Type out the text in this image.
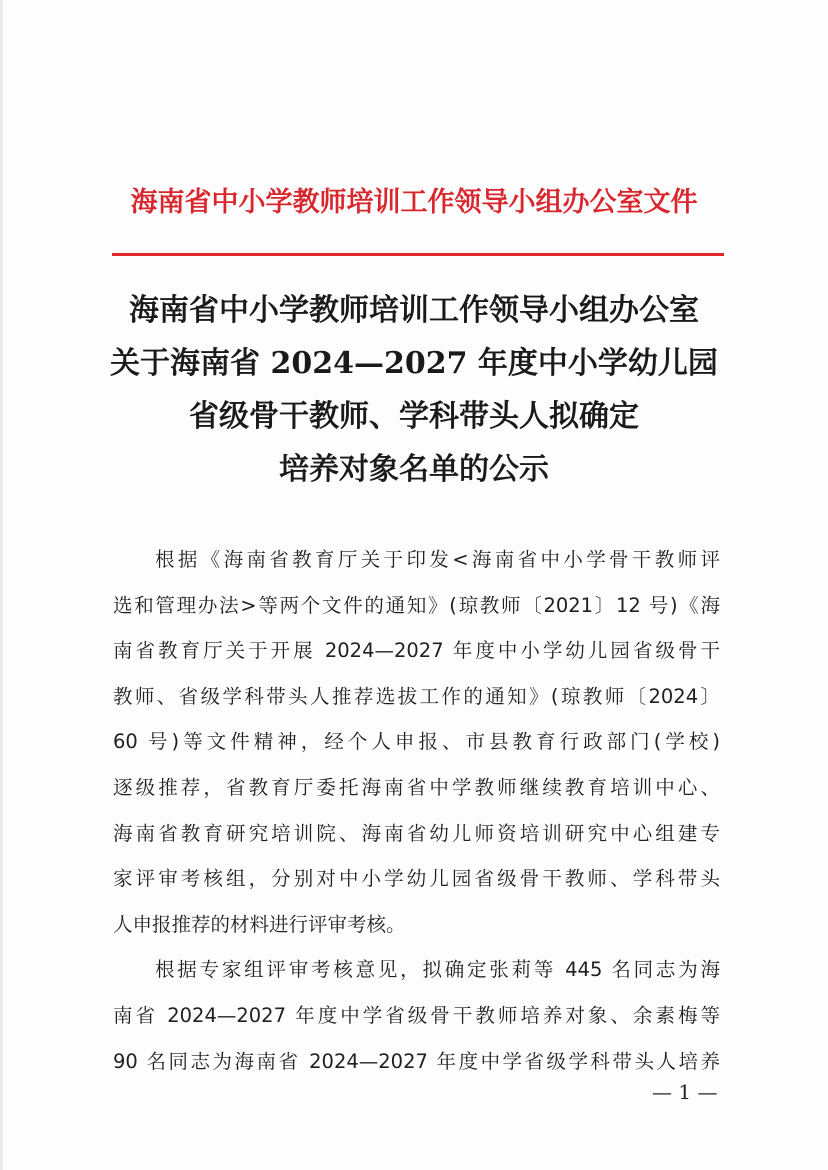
海南省中小学教师培训工作领导小组办公室文件
海南省中小学教师培训工作领导小组办公室
关于海南省 2024—2027 年度中小学幼儿园
省级骨干教师、学科带头人拟确定
培养对象名单的公示
根据《海南省教育厅关于印发<海南省中小学骨干教师评
选和管理办法>等两个文件的通知》(琼教师〔2021〕12 号)《海
南省教育厅关于开展 2024—2027 年度中小学幼儿园省级骨干
教师、省级学科带头人推荐选拔工作的通知》(琼教师〔2024〕
60 号)等文件精神，经个人申报、市县教育行政部门(学校)
逐级推荐，省教育厅委托海南省中学教师继续教育培训中心、
海南省教育研究培训院、海南省幼儿师资培训研究中心组建专
家评审考核组，分别对中小学幼儿园省级骨干教师、学科带头
人申报推荐的材料进行评审考核。
根据专家组评审考核意见，拟确定张莉等 445 名同志为海
南省 2024—2027 年度中学省级骨干教师培养对象、余素梅等
90 名同志为海南省 2024—2027 年度中学省级学科带头人培养
— 1 —
